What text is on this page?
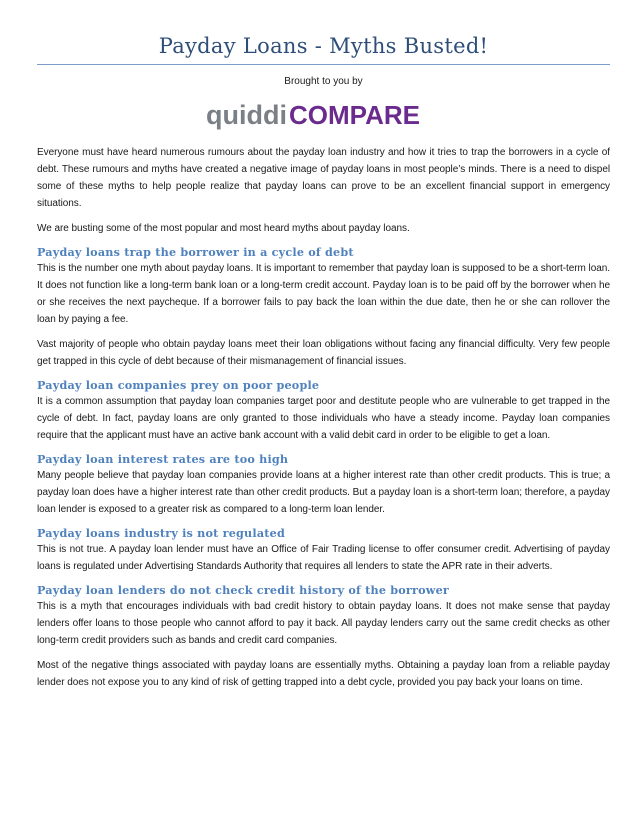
Payday Loans - Myths Busted!
Brought to you by
quiddi COMPARE

Everyone must have heard numerous rumours about the payday loan industry and how it tries to trap the borrowers in a cycle of debt. These rumours and myths have created a negative image of payday loans in most people’s minds. There is a need to dispel some of these myths to help people realize that payday loans can prove to be an excellent financial support in emergency situations.

We are busting some of the most popular and most heard myths about payday loans.

Payday loans trap the borrower in a cycle of debt

This is the number one myth about payday loans. It is important to remember that payday loan is supposed to be a short-term loan. It does not function like a long-term bank loan or a long-term credit account. Payday loan is to be paid off by the borrower when he or she receives the next paycheque. If a borrower fails to pay back the loan within the due date, then he or she can rollover the loan by paying a fee.

Vast majority of people who obtain payday loans meet their loan obligations without facing any financial difficulty. Very few people get trapped in this cycle of debt because of their mismanagement of financial issues.

Payday loan companies prey on poor people

It is a common assumption that payday loan companies target poor and destitute people who are vulnerable to get trapped in the cycle of debt. In fact, payday loans are only granted to those individuals who have a steady income. Payday loan companies require that the applicant must have an active bank account with a valid debit card in order to be eligible to get a loan.

Payday loan interest rates are too high

Many people believe that payday loan companies provide loans at a higher interest rate than other credit products. This is true; a payday loan does have a higher interest rate than other credit products. But a payday loan is a short-term loan; therefore, a payday loan lender is exposed to a greater risk as compared to a long-term loan lender.

Payday loans industry is not regulated

This is not true. A payday loan lender must have an Office of Fair Trading license to offer consumer credit. Advertising of payday loans is regulated under Advertising Standards Authority that requires all lenders to state the APR rate in their adverts.

Payday loan lenders do not check credit history of the borrower

This is a myth that encourages individuals with bad credit history to obtain payday loans. It does not make sense that payday lenders offer loans to those people who cannot afford to pay it back. All payday lenders carry out the same credit checks as other long-term credit providers such as bands and credit card companies.

Most of the negative things associated with payday loans are essentially myths. Obtaining a payday loan from a reliable payday lender does not expose you to any kind of risk of getting trapped into a debt cycle, provided you pay back your loans on time.
